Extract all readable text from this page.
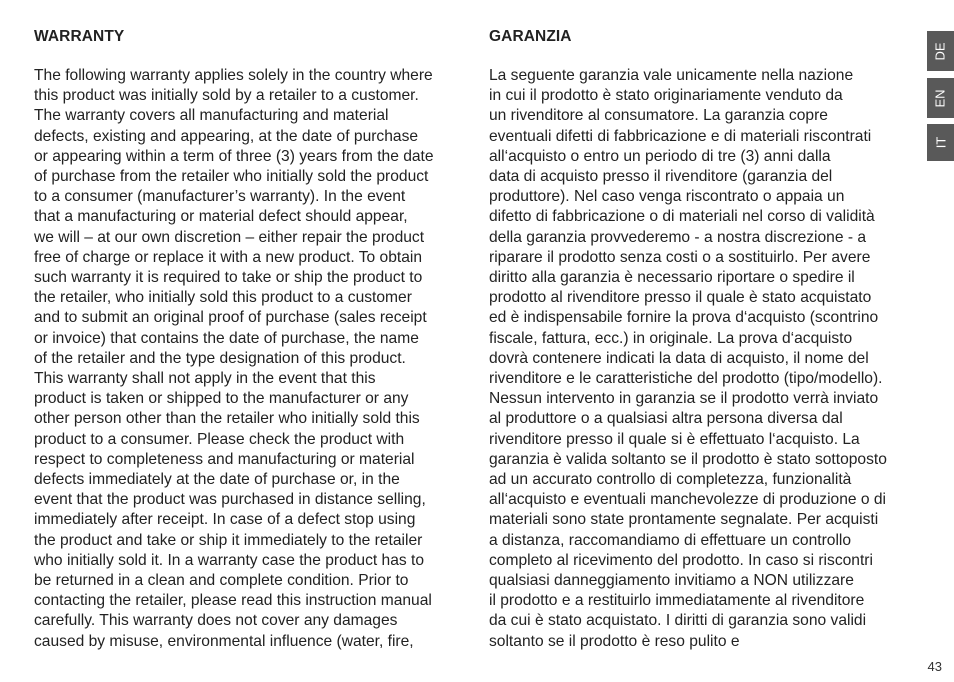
WARRANTY
The following warranty applies solely in the country where
this product was initially sold by a retailer to a customer.
The warranty covers all manufacturing and material
defects, existing and appearing, at the date of purchase
or appearing within a term of three (3) years from the date
of purchase from the retailer who initially sold the product
to a consumer (manufacturer’s warranty). In the event
that a manufacturing or material defect should appear,
we will – at our own discretion – either repair the product
free of charge or replace it with a new product. To obtain
such warranty it is required to take or ship the product to
the retailer, who initially sold this product to a customer
and to submit an original proof of purchase (sales receipt
or invoice) that contains the date of purchase, the name
of the retailer and the type designation of this product.
This warranty shall not apply in the event that this
product is taken or shipped to the manufacturer or any
other person other than the retailer who initially sold this
product to a consumer. Please check the product with
respect to completeness and manufacturing or material
defects immediately at the date of purchase or, in the
event that the product was purchased in distance selling,
immediately after receipt. In case of a defect stop using
the product and take or ship it immediately to the retailer
who initially sold it. In a warranty case the product has to
be returned in a clean and complete condition. Prior to
contacting the retailer, please read this instruction manual
carefully. This warranty does not cover any damages
caused by misuse, environmental influence (water, fire,
GARANZIA
La seguente garanzia vale unicamente nella nazione
in cui il prodotto è stato originariamente venduto da
un rivenditore al consumatore. La garanzia copre
eventuali difetti di fabbricazione e di materiali riscontrati
all‘acquisto o entro un periodo di tre (3) anni dalla
data di acquisto presso il rivenditore (garanzia del
produttore). Nel caso venga riscontrato o appaia un
difetto di fabbricazione o di materiali nel corso di validità
della garanzia provvederemo - a nostra discrezione - a
riparare il prodotto senza costi o a sostituirlo. Per avere
diritto alla garanzia è necessario riportare o spedire il
prodotto al rivenditore presso il quale è stato acquistato
ed è indispensabile fornire la prova d‘acquisto (scontrino
fiscale, fattura, ecc.) in originale. La prova d‘acquisto
dovrà contenere indicati la data di acquisto, il nome del
rivenditore e le caratteristiche del prodotto (tipo/modello).
Nessun intervento in garanzia se il prodotto verrà inviato
al produttore o a qualsiasi altra persona diversa dal
rivenditore presso il quale si è effettuato l‘acquisto. La
garanzia è valida soltanto se il prodotto è stato sottoposto
ad un accurato controllo di completezza, funzionalità
all‘acquisto e eventuali manchevolezze di produzione o di
materiali sono state prontamente segnalate. Per acquisti
a distanza, raccomandiamo di effettuare un controllo
completo al ricevimento del prodotto. In caso si riscontri
qualsiasi danneggiamento invitiamo a NON utilizzare
il prodotto e a restituirlo immediatamente al rivenditore
da cui è stato acquistato. I diritti di garanzia sono validi
soltanto se il prodotto è reso pulito e
DE
EN
IT
43
